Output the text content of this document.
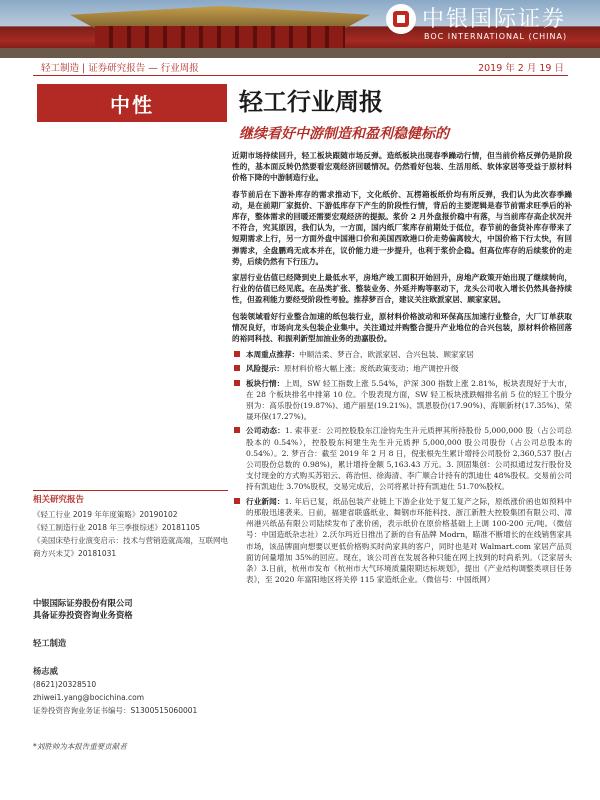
中银国际证券
BOC INTERNATIONAL (CHINA)
轻工制造 | 证券研究报告 — 行业周报	2019 年 2 月 19 日
中性	轻工行业周报
继续看好中游制造和盈利稳健标的

近期市场持续回升，轻工板块跟随市场反弹。造纸板块出现春季躁动行情，但当前价格反弹仍是阶段性的，基本面反转仍然要看宏观经济回暖情况。仍然看好包装、生活用纸、软体家居等受益于原材料价格下降的中游制造行业。

春节前后在下游补库存的需求推动下，文化纸价、瓦楞箱板纸价均有所反弹，我们认为此次春季躁动，是在前期厂家挺价、下游低库存下产生的阶段性行情，背后的主要逻辑是春节前需求旺季后的补库存，整体需求的回暖还需要宏观经济的提振。浆价 2 月外盘报价稳中有落，与当前库存高企状况并不符合，究其原因，我们认为，一方面，国内纸厂浆库存前期处于低位，春节前的备货补库存带来了短期需求上行，另一方面外盘中国港口价和美国西欧港口价走势偏离较大，中国价格下行太快，有回弹需求，全盘鹏鸡无成本并在，议价能力进一步提升，也利于浆价企稳。但高位库存的后续浆价的走势，后续仍然有下行压力。

家居行业估值已经降到史上最低水平，房地产竣工面积开始回升，房地产政策开始出现了继续转向，行业的估值已经见底。在品类扩张、整装业务、外延并购等驱动下，龙头公司收入增长仍然具备持续性，但盈利能力要经受阶段性考验。推荐梦百合，建议关注欧派家居、顾家家居。

包装领域看好行业整合加速的纸包装行业，原材料价格波动和环保高压加速行业整合，大厂订单获取情况良好，市场向龙头包装企业集中。关注通过并购整合提升产业地位的合兴包装，原材料价格回落的裕同科技、和振利新型加油业务的劲嘉股份。

本周重点推荐：中顺洁柔、梦百合、欧派家居、合兴包装、顾家家居
风险提示：原材料价格大幅上涨；废纸政策变动；地产调控升级
板块行情：上周，SW 轻工指数上涨 5.54%，沪深 300 指数上涨 2.81%，板块表现好于大市，在 28 个板块排名中排第 10 位。个股表现方面，SW 轻工板块涨跌幅排名前 5 位的轻工个股分别为：高乐股份(19.87%)、通产丽星(19.21%)、凯恩股份(17.90%)、海顺新材(17.35%)、荣晟环保(17.27%)。
公司动态：1. 索菲亚：公司控股股东江淦钧先生升元质押其所持股份 5,000,000 股（占公司总股本的 0.54%），控股股东柯建生先生升元质押 5,000,000 股公司股份（占公司总股本的 0.54%）。2. 梦百合：截至 2019 年 2 月 8 日，倪张根先生累计增持公司股份 2,360,537 股(占公司股份总数的 0.98%)，累计增持金额 5,163.43 万元。3. 顶固集创：公司拟通过发行股份及支付现金的方式购买苏铝云、蒋治恒、徐海清、李广顺合计持有的凯迪仕 48%股权。交易前公司持有凯迪仕 3.70%股权，交易完成后，公司将累计持有凯迪仕 51.70%股权。
行业新闻：1. 年后已复，纸品包装产业链上下游企业处于复工复产之际，原纸涨价函也如预料中的那般迅速袭来。日前，福建省联盛纸业、舞钢市环能科技、浙江新胜大控股集团有限公司、漳州港兴纸品有限公司陆续发布了涨价函，表示纸价在原价格基础上上调 100-200 元/吨。（微信号：中国造纸杂志社）2.沃尔玛近日推出了新的自有品牌 Modrn，瞄准不断增长的在线销售家具市场，该品牌面向想要以更低价格购买时尚家具的客户，同时也是对 Walmart.com 家居产品页面访问量增加 35%的回应。现在，该公司首在发展各种只能在网上找到的时尚系列。（泛家居头条）3.日前，杭州市发布《杭州市大气环境质量限期达标规划》，提出《产业结构调整类项目任务表》，至 2020 年富阳地区将关停 115 家造纸企业。（微信号：中国纸网）
相关研究报告
《轻工行业 2019 年年度策略》20190102
《轻工制造行业 2018 年三季报综述》20181105
《美国床垫行业演变启示：技术与营销造就高端，互联网电商方兴未艾》20181031
中银国际证券股份有限公司
具备证券投资咨询业务资格
轻工制造
杨志威
(8621)20328510
zhiwei1.yang@bocichina.com
证券投资咨询业务证书编号：S1300515060001
*刘胜帅为本报告重要贡献者
